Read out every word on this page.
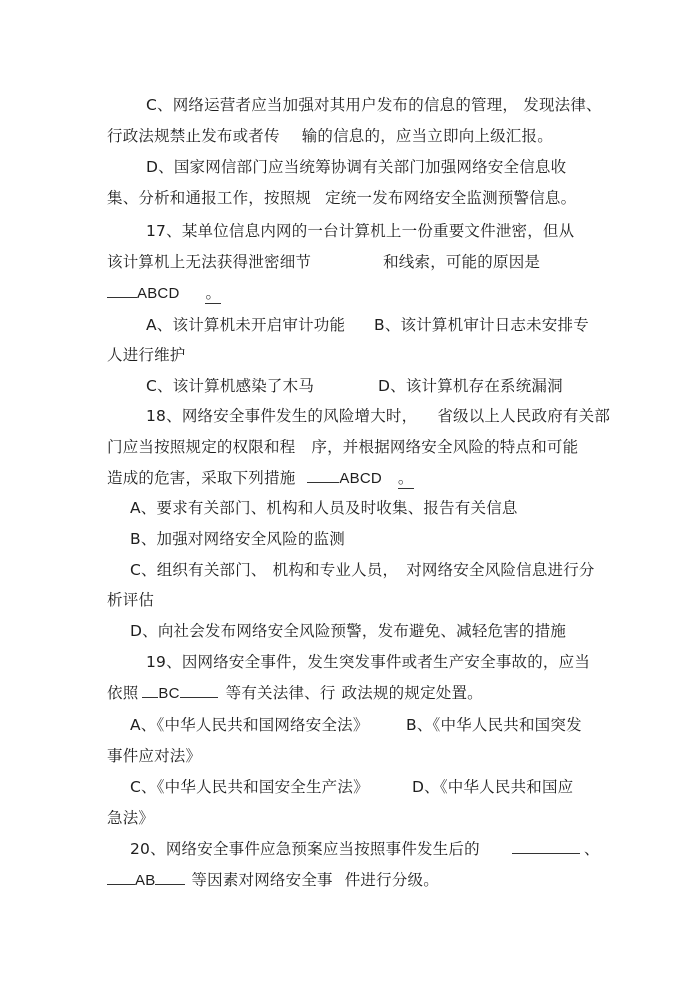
C、网络运营者应当加强对其用户发布的信息的管理， 发现法律、
行政法规禁止发布或者传 输的信息的，应当立即向上级汇报。
D、国家网信部门应当统筹协调有关部门加强网络安全信息收
集、分析和通报工作，按照规 定统一发布网络安全监测预警信息。
17、某单位信息内网的一台计算机上一份重要文件泄密，但从
该计算机上无法获得泄密细节	和线索，可能的原因是
ABCD 。
A、该计算机未开启审计功能 B、该计算机审计日志未安排专
人进行维护
C、该计算机感染了木马	D、该计算机存在系统漏洞
18、网络安全事件发生的风险增大时， 省级以上人民政府有关部
门应当按照规定的权限和程 序，并根据网络安全风险的特点和可能
造成的危害，采取下列措施	ABCD 。
A、要求有关部门、机构和人员及时收集、报告有关信息
B、加强对网络安全风险的监测
C、组织有关部门、 机构和专业人员， 对网络安全风险信息进行分
析评估
D、向社会发布网络安全风险预警，发布避免、减轻危害的措施
19、因网络安全事件，发生突发事件或者生产安全事故的，应当
依照 BC	等有关法律、行 政法规的规定处置。
A、《中华人民共和国网络安全法》 B、《中华人民共和国突发
事件应对法》
C、《中华人民共和国安全生产法》	D、《中华人民共和国应
急法》
20、网络安全事件应急预案应当按照事件发生后的	、
AB 等因素对网络安全事 件进行分级。
